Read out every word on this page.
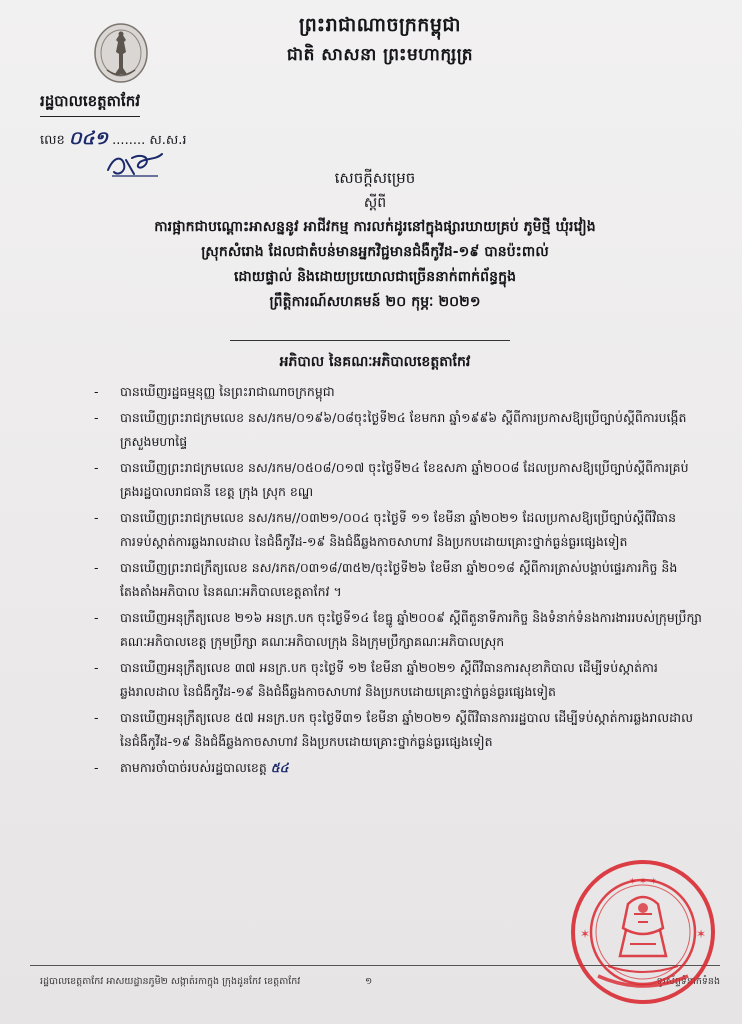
ព្រះរាជាណាចក្រកម្ពុជា
ជាតិ សាសនា ព្រះមហាក្សត្រ
រដ្ឋបាលខេត្តតាកែវ
លេខ ០៤១ ........ ស.ស.រ
សេចក្តីសម្រេច
ស្តីពី
ការផ្អាកជាបណ្តោះអាសន្ននូវ អាជីវកម្ម ការលក់ដូរនៅក្នុងផ្សារឃាយគ្រប់ ភូមិថ្មី ឃុំរវៀង
ស្រុកសំរោង ដែលជាតំបន់មានអ្នកវិជ្ជមានជំងឺកូវីដ-១៩ បានប៉ះពាល់
ដោយផ្ទាល់ និងដោយប្រយោលជាច្រើននាក់ពាក់ព័ន្ធក្នុង
ព្រឹត្តិការណ៍សហគមន៍ ២០ កុម្ភៈ ២០២១
អភិបាល នៃគណៈអភិបាលខេត្តតាកែវ
- បានឃើញរដ្ឋធម្មនុញ្ញ នៃព្រះរាជាណាចក្រកម្ពុជា
- បានឃើញព្រះរាជក្រមលេខ នស/រកម/០១៩៦/០៨ចុះថ្ងៃទី២៤ ខែមករា ឆ្នាំ១៩៩៦ ស្តីពីការប្រកាសឱ្យប្រើច្បាប់ស្តីពីការបង្កើតក្រសួងមហាផ្ទៃ
- បានឃើញព្រះរាជក្រមលេខ នស/រកម/០៥០៨/០១៧ ចុះថ្ងៃទី២៤ ខែឧសភា ឆ្នាំ២០០៨ ដែលប្រកាសឱ្យប្រើច្បាប់ស្តីពីការគ្រប់គ្រងរដ្ឋបាលរាជធានី ខេត្ត ក្រុង ស្រុក ខណ្ឌ
- បានឃើញព្រះរាជក្រមលេខ នស/រកម//០៣២១/០០៤ ចុះថ្ងៃទី ១១ ខែមីនា ឆ្នាំ២០២១ ដែលប្រកាសឱ្យប្រើច្បាប់ស្តីពីវិធានការទប់ស្កាត់ការឆ្លងរាលដាល នៃជំងឺកូវីដ-១៩ និងជំងឺឆ្លងកាចសាហាវ និងប្រកបដោយគ្រោះថ្នាក់ធ្ងន់ធ្ងរផ្សេងទៀត
- បានឃើញព្រះរាជក្រឹត្យលេខ នស/រកត/០៣១៨/៣៥២/ចុះថ្ងៃទី២៦ ខែមីនា ឆ្នាំ២០១៨ ស្តីពីការត្រាស់បង្គាប់ផ្ទេរភារកិច្ច និងតែងតាំងអភិបាល នៃគណៈអភិបាលខេត្តតាកែវ ។
- បានឃើញអនុក្រឹត្យលេខ ២១៦ អនក្រ.បក ចុះថ្ងៃទី១៤ ខែធ្នូ ឆ្នាំ២០០៩ ស្តីពីតួនាទីភារកិច្ច និងទំនាក់ទំនងការងាររបស់ក្រុមប្រឹក្សា គណៈអភិបាលខេត្ត ក្រុមប្រឹក្សា គណៈអភិបាលក្រុង និងក្រុមប្រឹក្សាគណៈអភិបាលស្រុក
- បានឃើញអនុក្រឹត្យលេខ ៣៧ អនក្រ.បក ចុះថ្ងៃទី ១២ ខែមីនា ឆ្នាំ២០២១ ស្តីពីវិធានការសុខាភិបាល ដើម្បីទប់ស្កាត់ការឆ្លងរាលដាល នៃជំងឺកូវីដ-១៩ និងជំងឺឆ្លងកាចសាហាវ និងប្រកបដោយគ្រោះថ្នាក់ធ្ងន់ធ្ងរផ្សេងទៀត
- បានឃើញអនុក្រឹត្យលេខ ៥៧ អនក្រ.បក ចុះថ្ងៃទី៣១ ខែមីនា ឆ្នាំ២០២១ ស្តីពីវិធានការរដ្ឋបាល ដើម្បីទប់ស្កាត់ការឆ្លងរាលដាល នៃជំងឺកូវីដ-១៩ និងជំងឺឆ្លងកាចសាហាវ និងប្រកបដោយគ្រោះថ្នាក់ធ្ងន់ធ្ងរផ្សេងទៀត
- តាមការចាំបាច់របស់រដ្ឋបាលខេត្ត ៥៤
រដ្ឋបាលខេត្តតាកែវ អាសយដ្ឋានភូមិ២ សង្កាត់រកាក្នុង ក្រុងដូនកែវ ខេត្តតាកែវ	១	ទូរស័ព្ទទំនាក់ទំនង
✶ ✶ ✶
✶	✶
